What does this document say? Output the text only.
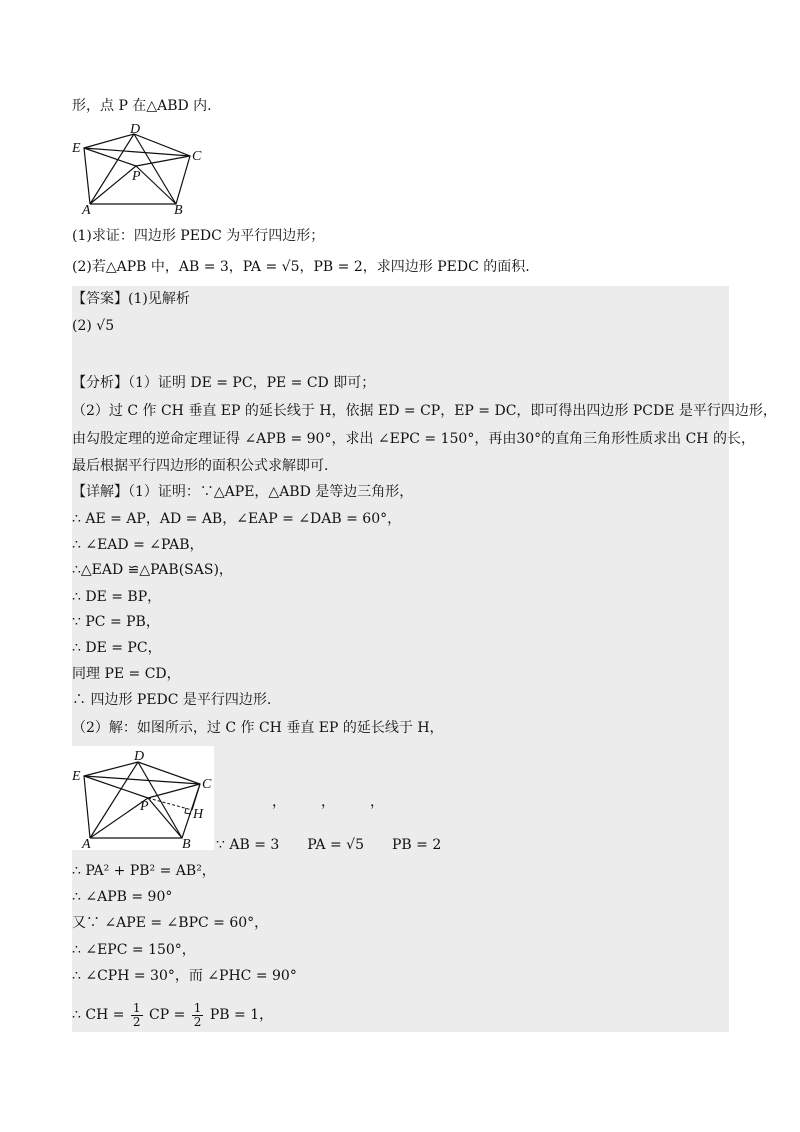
形，点 P 在△ABD 内.
D
E
C
P
A	B
(1)求证：四边形 PEDC 为平行四边形；
(2)若△APB 中，AB = 3，PA = √5，PB = 2，求四边形 PEDC 的面积.
【答案】(1)见解析
(2) √5
【分析】（1）证明 DE = PC，PE = CD 即可；
（2）过 C 作 CH 垂直 EP 的延长线于 H，依据 ED = CP，EP = DC，即可得出四边形 PCDE 是平行四边形，
由勾股定理的逆命定理证得 ∠APB = 90°，求出 ∠EPC = 150°，再由30°的直角三角形性质求出 CH 的长，
最后根据平行四边形的面积公式求解即可.
【详解】（1）证明：∵△APE，△ABD 是等边三角形，
∴ AE = AP，AD = AB，∠EAP = ∠DAB = 60°，
∴ ∠EAD = ∠PAB，
∴△EAD ≌△PAB(SAS)，
∴ DE = BP，
∵ PC = PB，
∴ DE = PC，
同理 PE = CD，
∴ 四边形 PEDC 是平行四边形.
（2）解：如图所示，过 C 作 CH 垂直 EP 的延长线于 H，
D
E
C
P
H
A	B
，　　　，　　　，
∵ AB = 3　　PA = √5　　PB = 2
∴ PA² + PB² = AB²，
∴ ∠APB = 90°
又∵ ∠APE = ∠BPC = 60°，
∴ ∠EPC = 150°，
∴ ∠CPH = 30°，而 ∠PHC = 90°
∴ CH = $\frac{1}{2}$ CP = $\frac{1}{2}$ PB = 1，
